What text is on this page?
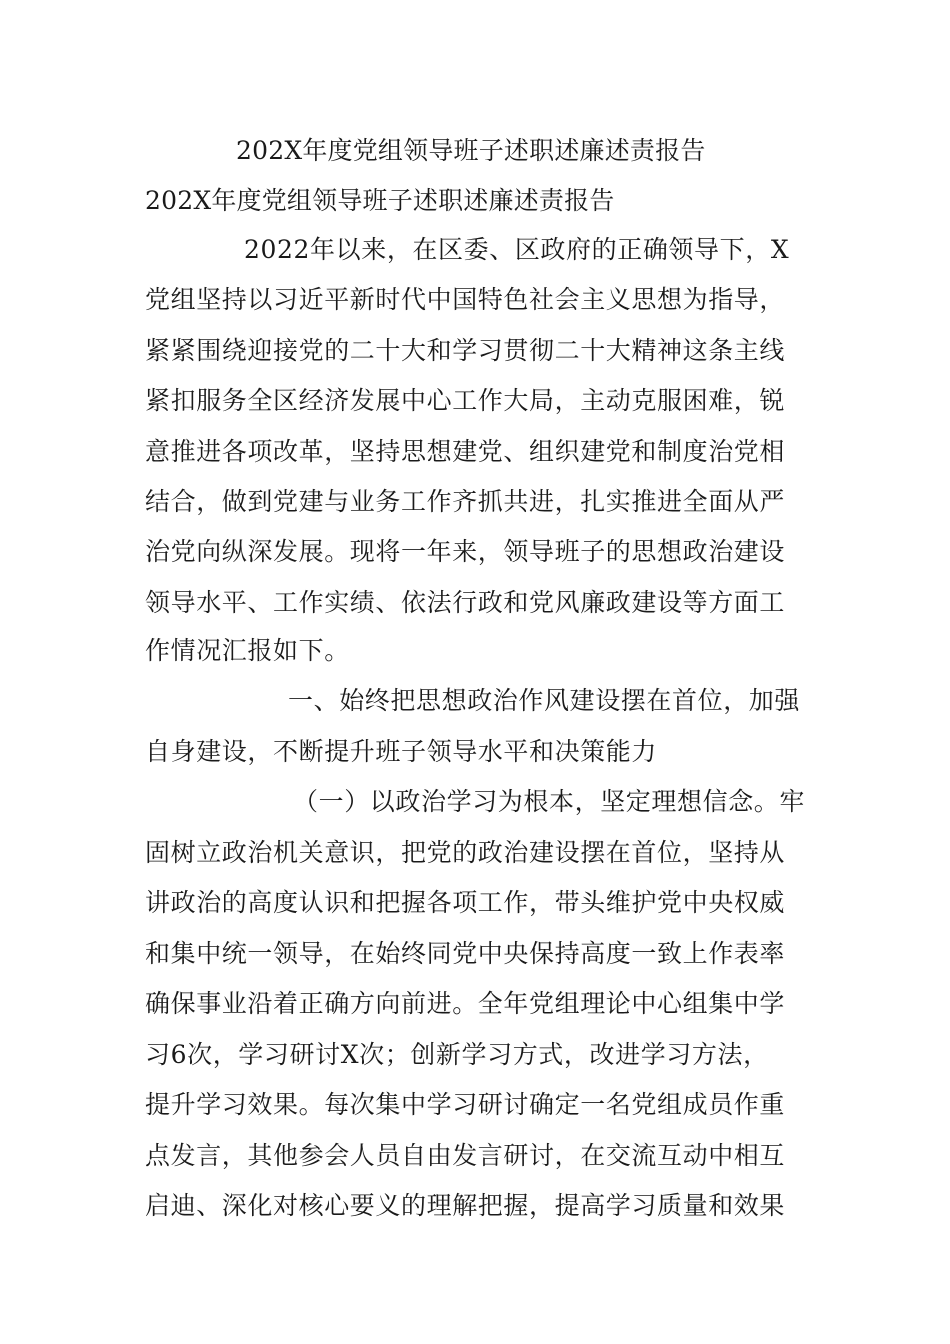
202X年度党组领导班子述职述廉述责报告
202X年度党组领导班子述职述廉述责报告
2022年以来，在区委、区政府的正确领导下，X
党组坚持以习近平新时代中国特色社会主义思想为指导，
紧紧围绕迎接党的二十大和学习贯彻二十大精神这条主线
紧扣服务全区经济发展中心工作大局，主动克服困难，锐
意推进各项改革，坚持思想建党、组织建党和制度治党相
结合，做到党建与业务工作齐抓共进，扎实推进全面从严
治党向纵深发展。现将一年来，领导班子的思想政治建设
领导水平、工作实绩、依法行政和党风廉政建设等方面工
作情况汇报如下。
一、始终把思想政治作风建设摆在首位，加强
自身建设，不断提升班子领导水平和决策能力
（一）以政治学习为根本，坚定理想信念。牢
固树立政治机关意识，把党的政治建设摆在首位，坚持从
讲政治的高度认识和把握各项工作，带头维护党中央权威
和集中统一领导，在始终同党中央保持高度一致上作表率
确保事业沿着正确方向前进。全年党组理论中心组集中学
习6次，学习研讨X次；创新学习方式，改进学习方法，
提升学习效果。每次集中学习研讨确定一名党组成员作重
点发言，其他参会人员自由发言研讨，在交流互动中相互
启迪、深化对核心要义的理解把握，提高学习质量和效果
